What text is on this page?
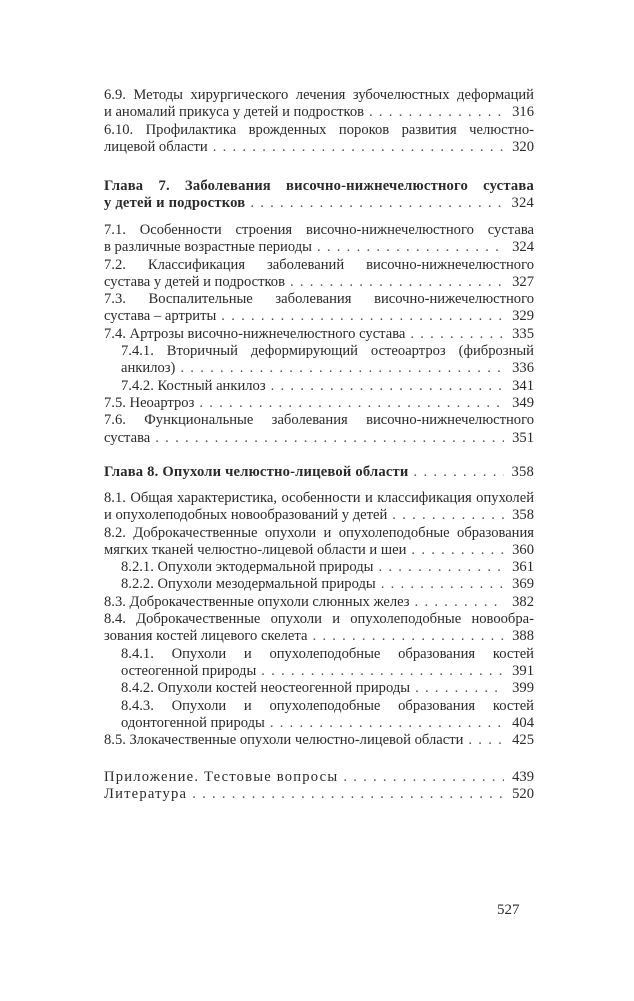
6.9. Методы хирургического лечения зубочелюстных деформаций
и аномалий прикуса у детей и подростков . . .	316
6.10. Профилактика врожденных пороков развития челюстно-
лицевой области . . .	320
Глава 7. Заболевания височно-нижнечелюстного сустава
у детей и подростков . . .	324
7.1. Особенности строения височно-нижнечелюстного сустава
в различные возрастные периоды . . .	324
7.2. Классификация заболеваний височно-нижнечелюстного
сустава у детей и подростков . . .	327
7.3. Воспалительные заболевания височно-нижечелюстного
сустава – артриты . . .	329
7.4. Артрозы височно-нижнечелюстного сустава . . .	335
7.4.1. Вторичный деформирующий остеоартроз (фиброзный
анкилоз) . . .	336
7.4.2. Костный анкилоз . . .	341
7.5. Неоартроз . . .	349
7.6. Функциональные заболевания височно-нижнечелюстного
сустава . . .	351
Глава 8. Опухоли челюстно-лицевой области . . .	358
8.1. Общая характеристика, особенности и классификация опухолей
и опухолеподобных новообразований у детей . . .	358
8.2. Доброкачественные опухоли и опухолеподобные образования
мягких тканей челюстно-лицевой области и шеи . . .	360
8.2.1. Опухоли эктодермальной природы . . .	361
8.2.2. Опухоли мезодермальной природы . . .	369
8.3. Доброкачественные опухоли слюнных желез . . .	382
8.4. Доброкачественные опухоли и опухолеподобные новообра-
зования костей лицевого скелета . . .	388
8.4.1. Опухоли и опухолеподобные образования костей
остеогенной природы . . .	391
8.4.2. Опухоли костей неостеогенной природы . . .	399
8.4.3. Опухоли и опухолеподобные образования костей
одонтогенной природы . . .	404
8.5. Злокачественные опухоли челюстно-лицевой области . . .	425
Приложение. Тестовые вопросы . . .	439
Литература . . .	520
527
